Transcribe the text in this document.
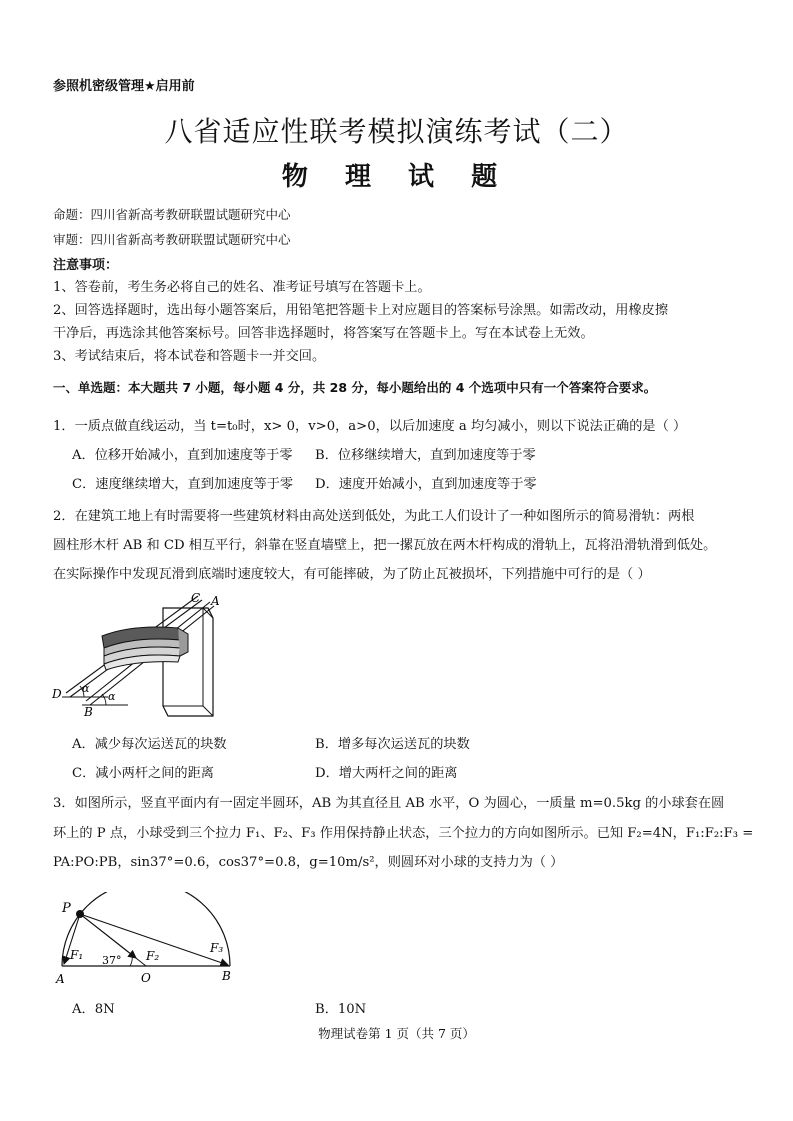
参照机密级管理★启用前
八省适应性联考模拟演练考试（二）
物 理 试 题
命题：四川省新高考教研联盟试题研究中心
审题：四川省新高考教研联盟试题研究中心
注意事项：
1、答卷前，考生务必将自己的姓名、准考证号填写在答题卡上。
2、回答选择题时，选出每小题答案后，用铅笔把答题卡上对应题目的答案标号涂黑。如需改动，用橡皮擦
干净后，再选涂其他答案标号。回答非选择题时，将答案写在答题卡上。写在本试卷上无效。
3、考试结束后，将本试卷和答题卡一并交回。
一、单选题：本大题共 7 小题，每小题 4 分，共 28 分，每小题给出的 4 个选项中只有一个答案符合要求。
1．一质点做直线运动，当 t=t₀时，x> 0，v>0，a>0，以后加速度 a 均匀减小，则以下说法正确的是（ ）
A．位移开始减小，直到加速度等于零 B．位移继续增大，直到加速度等于零
C．速度继续增大，直到加速度等于零 D．速度开始减小，直到加速度等于零
2．在建筑工地上有时需要将一些建筑材料由高处送到低处，为此工人们设计了一种如图所示的简易滑轨：两根
圆柱形木杆 AB 和 CD 相互平行，斜靠在竖直墙壁上，把一摞瓦放在两木杆构成的滑轨上，瓦将沿滑轨滑到低处。
在实际操作中发现瓦滑到底端时速度较大，有可能摔破，为了防止瓦被损坏，下列措施中可行的是（ ）
C A
D
B
α
α
A．减少每次运送瓦的块数	B．增多每次运送瓦的块数
C．减小两杆之间的距离	D．增大两杆之间的距离
3．如图所示，竖直平面内有一固定半圆环，AB 为其直径且 AB 水平，O 为圆心，一质量 m=0.5kg 的小球套在圆
环上的 P 点，小球受到三个拉力 F₁、F₂、F₃ 作用保持静止状态，三个拉力的方向如图所示。已知 F₂=4N，F₁:F₂:F₃ =
PA:PO:PB，sin37°=0.6，cos37°=0.8，g=10m/s²，则圆环对小球的支持力为（ ）
P
A	O	B
F₁	F₂
F₃
37°
A．8N	B．10N
物理试卷第 1 页（共 7 页）
